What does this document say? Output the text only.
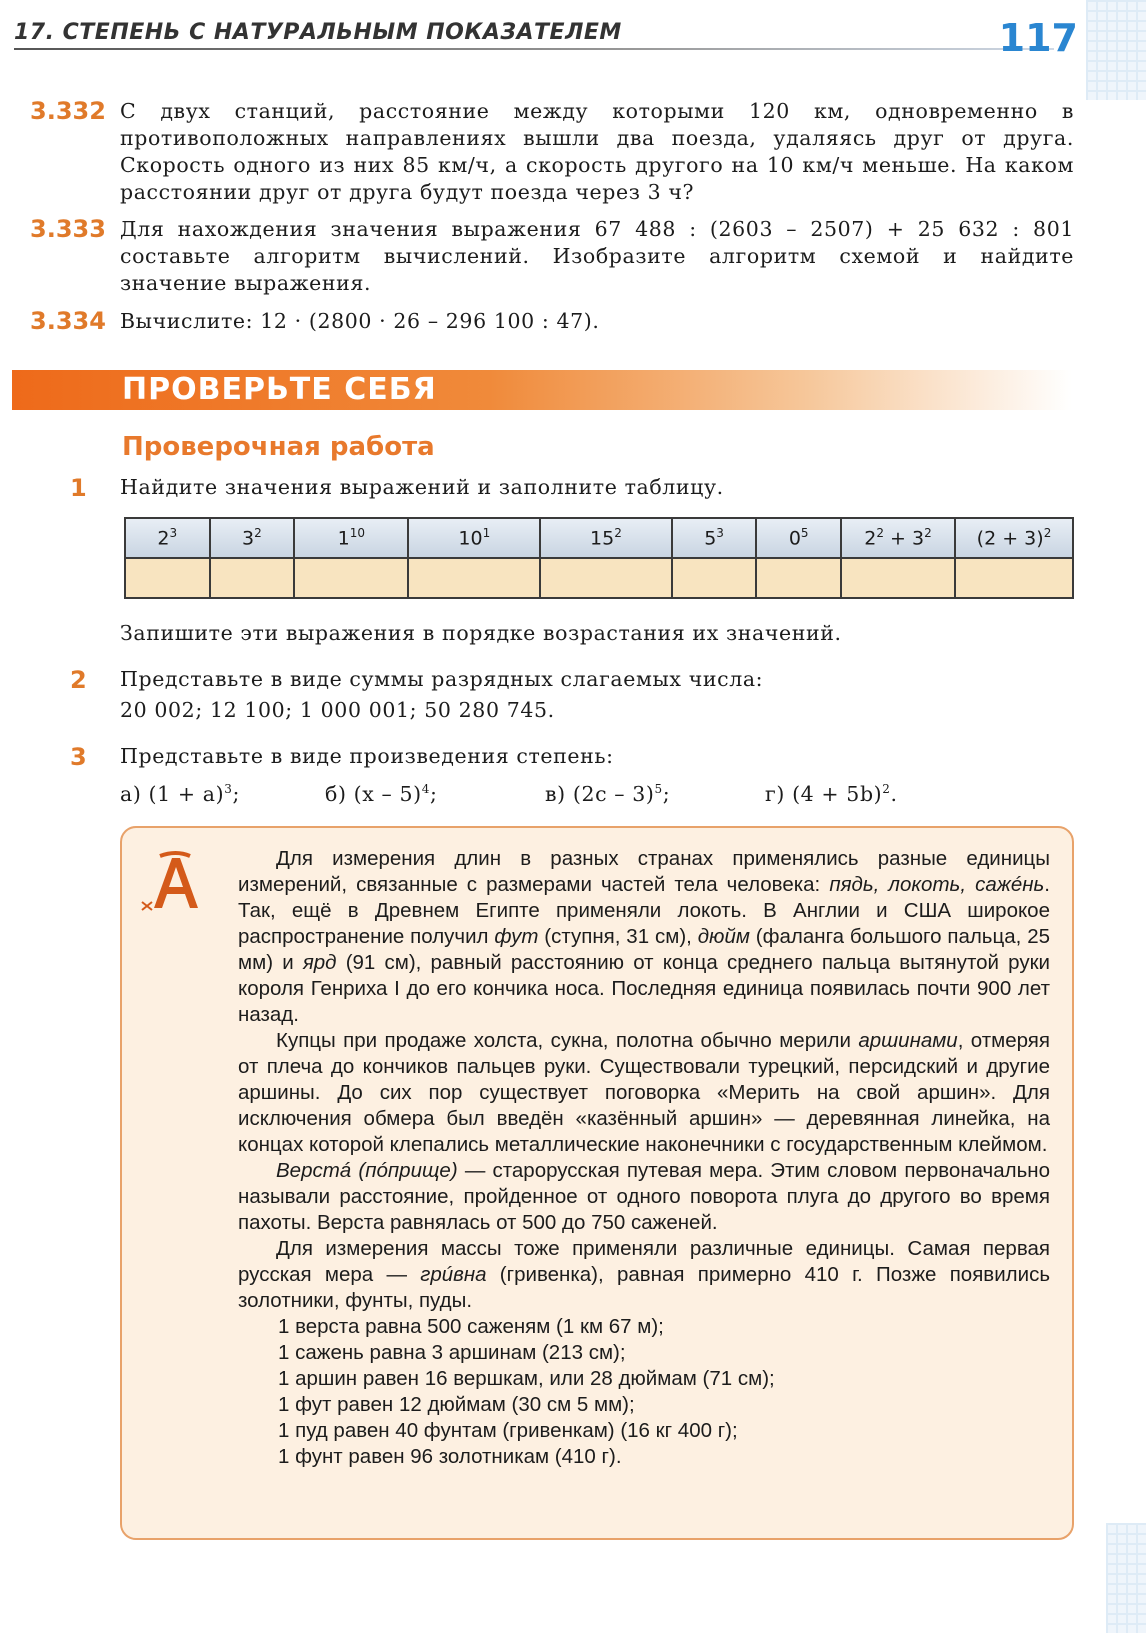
17. СТЕПЕНЬ С НАТУРАЛЬНЫМ ПОКАЗАТЕЛЕМ	117
3.332 С двух станций, расстояние между которыми 120 км, одновременно в противоположных направлениях вышли два поезда, удаляясь друг от друга. Скорость одного из них 85 км/ч, а скорость другого на 10 км/ч меньше. На каком расстоянии друг от друга будут поезда через 3 ч?
3.333 Для нахождения значения выражения 67 488 : (2603 – 2507) + 25 632 : 801 составьте алгоритм вычислений. Изобразите алгоритм схемой и найдите значение выражения.
3.334 Вычислите: 12 · (2800 · 26 – 296 100 : 47).
ПРОВЕРЬТЕ СЕБЯ
Проверочная работа
1 Найдите значения выражений и заполните таблицу.
$2^3$	$3^2$	$1^{10}$	$10^1$	$15^2$	$5^3$	$0^5$	$2^2 + 3^2$	$(2 + 3)^2$

Запишите эти выражения в порядке возрастания их значений.
2 Представьте в виде суммы разрядных слагаемых числа:
20 002; 12 100; 1 000 001; 50 280 745.
3 Представьте в виде произведения степень:
а) $(1 + a)^3$;	б) (x – 5)$^4$;	в) (2c – 3)$^5$;	г) $(4 + 5b)^2$.

Для измерения длин в разных странах применялись разные единицы измерений, связанные с размерами частей тела человека: пядь, локоть, сажéнь. Так, ещё в Древнем Египте применяли локоть. В Англии и США широкое распространение получил фут (ступня, 31 см), дюйм (фаланга большого пальца, 25 мм) и ярд (91 см), равный расстоянию от конца среднего пальца вытянутой руки короля Генриха I до его кончика носа. Последняя единица появилась почти 900 лет назад.

Купцы при продаже холста, сукна, полотна обычно мерили аршинами, отмеряя от плеча до кончиков пальцев руки. Существовали турецкий, персидский и другие аршины. До сих пор существует поговорка «Мерить на свой аршин». Для исключения обмера был введён «казённый аршин» — деревянная линейка, на концах которой клепались металлические наконечники с государственным клеймом.

Верстá (пóприще) — старорусская путевая мера. Этим словом первоначально называли расстояние, пройденное от одного поворота плуга до другого во время пахоты. Верста равнялась от 500 до 750 саженей.

Для измерения массы тоже применяли различные единицы. Самая первая русская мера — грúвна (гривенка), равная примерно 410 г. Позже появились золотники, фунты, пуды.

1 верста равна 500 саженям (1 км 67 м);

1 сажень равна 3 аршинам (213 см);

1 аршин равен 16 вершкам, или 28 дюймам (71 см);

1 фут равен 12 дюймам (30 см 5 мм);

1 пуд равен 40 фунтам (гривенкам) (16 кг 400 г);

1 фунт равен 96 золотникам (410 г).
